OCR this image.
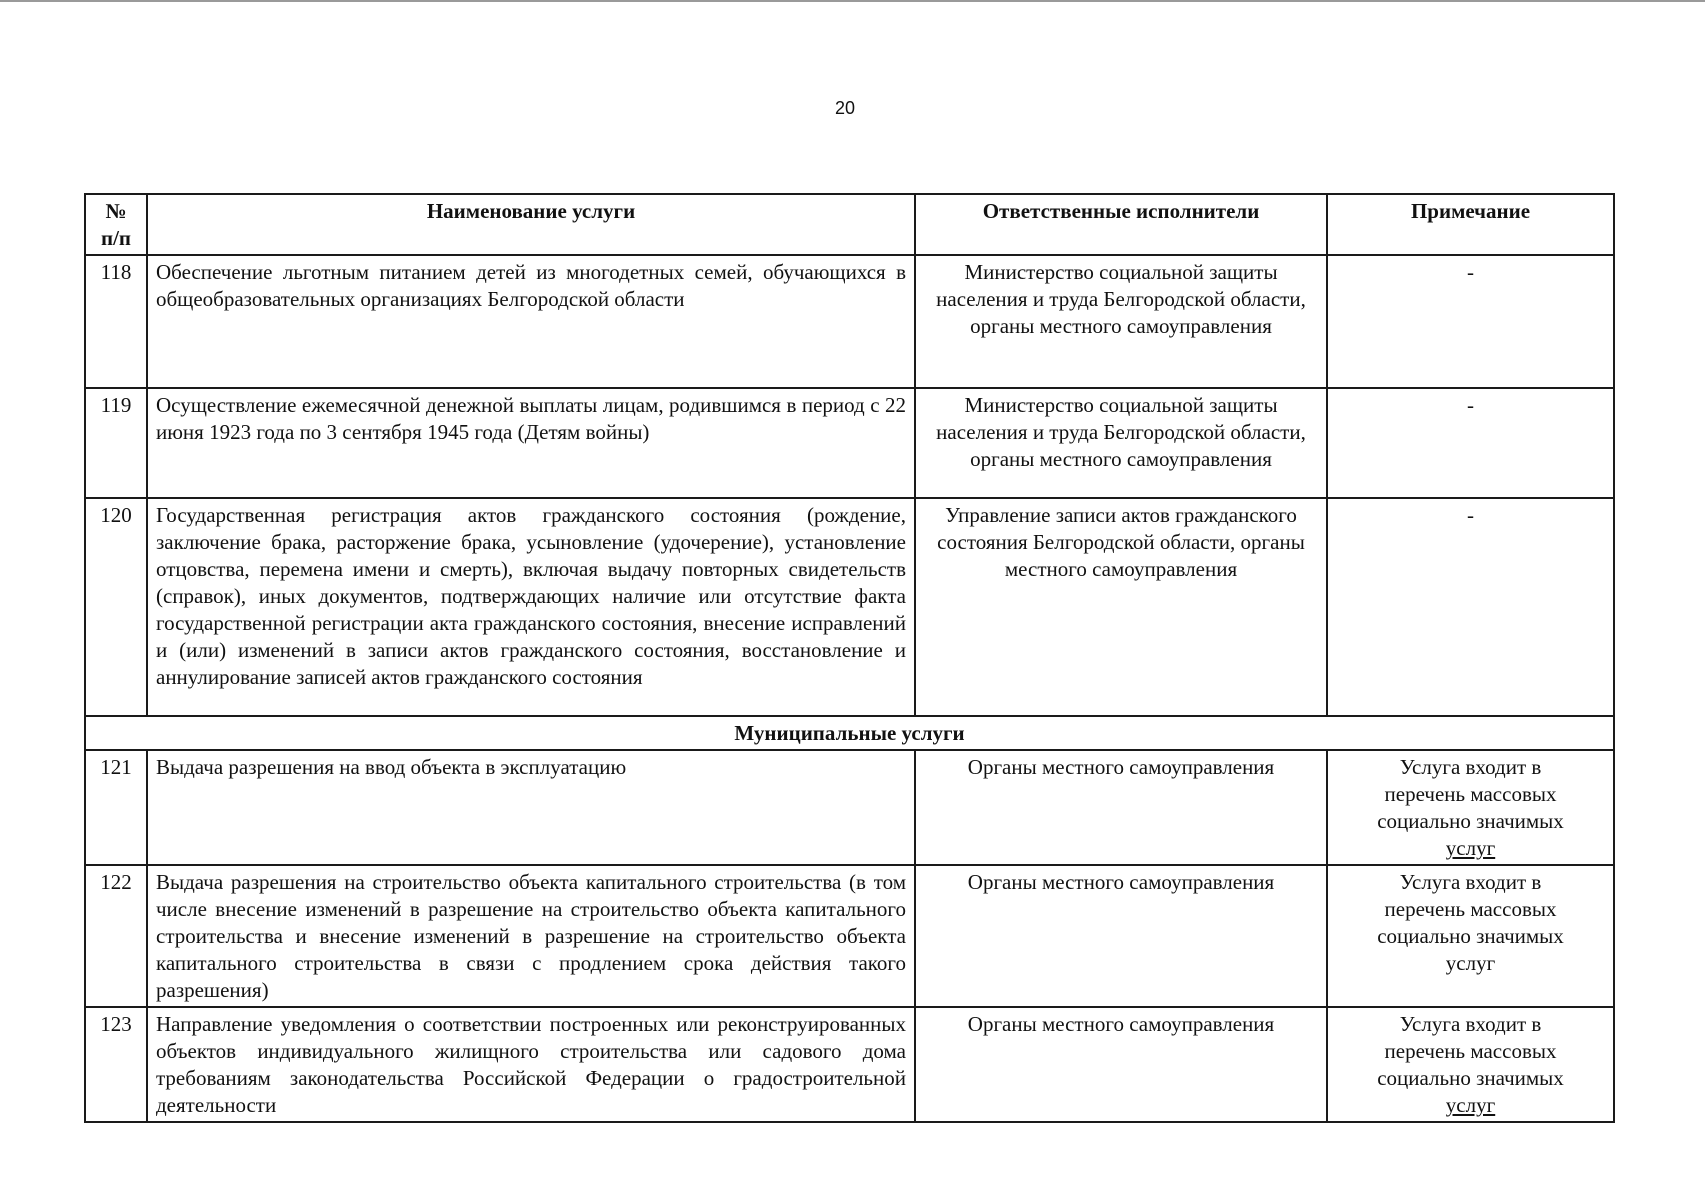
20
№ п/п	Наименование услуги	Ответственные исполнители	Примечание
118	Обеспечение льготным питанием детей из многодетных семей, обучающихся в общеобразовательных организациях Белгородской области	Министерство социальной защиты населения и труда Белгородской области, органы местного самоуправления	-
119	Осуществление ежемесячной денежной выплаты лицам, родившимся в период с 22 июня 1923 года по 3 сентября 1945 года (Детям войны)	Министерство социальной защиты населения и труда Белгородской области, органы местного самоуправления	-
120	Государственная регистрация актов гражданского состояния (рождение, заключение брака, расторжение брака, усыновление (удочерение), установление отцовства, перемена имени и смерть), включая выдачу повторных свидетельств (справок), иных документов, подтверждающих наличие или отсутствие факта государственной регистрации акта гражданского состояния, внесение исправлений и (или) изменений в записи актов гражданского состояния, восстановление и аннулирование записей актов гражданского состояния	Управление записи актов гражданского состояния Белгородской области, органы местного самоуправления	-
Муниципальные услуги			
121	Выдача разрешения на ввод объекта в эксплуатацию	Органы местного самоуправления	Услуга входит в перечень массовых социально значимых услуг
122	Выдача разрешения на строительство объекта капитального строительства (в том числе внесение изменений в разрешение на строительство объекта капитального строительства и внесение изменений в разрешение на строительство объекта капитального строительства в связи с продлением срока действия такого разрешения)	Органы местного самоуправления	Услуга входит в перечень массовых социально значимых услуг
123	Направление уведомления о соответствии построенных или реконструированных объектов индивидуального жилищного строительства или садового дома требованиям законодательства Российской Федерации о градостроительной деятельности	Органы местного самоуправления	Услуга входит в перечень массовых социально значимых услуг
